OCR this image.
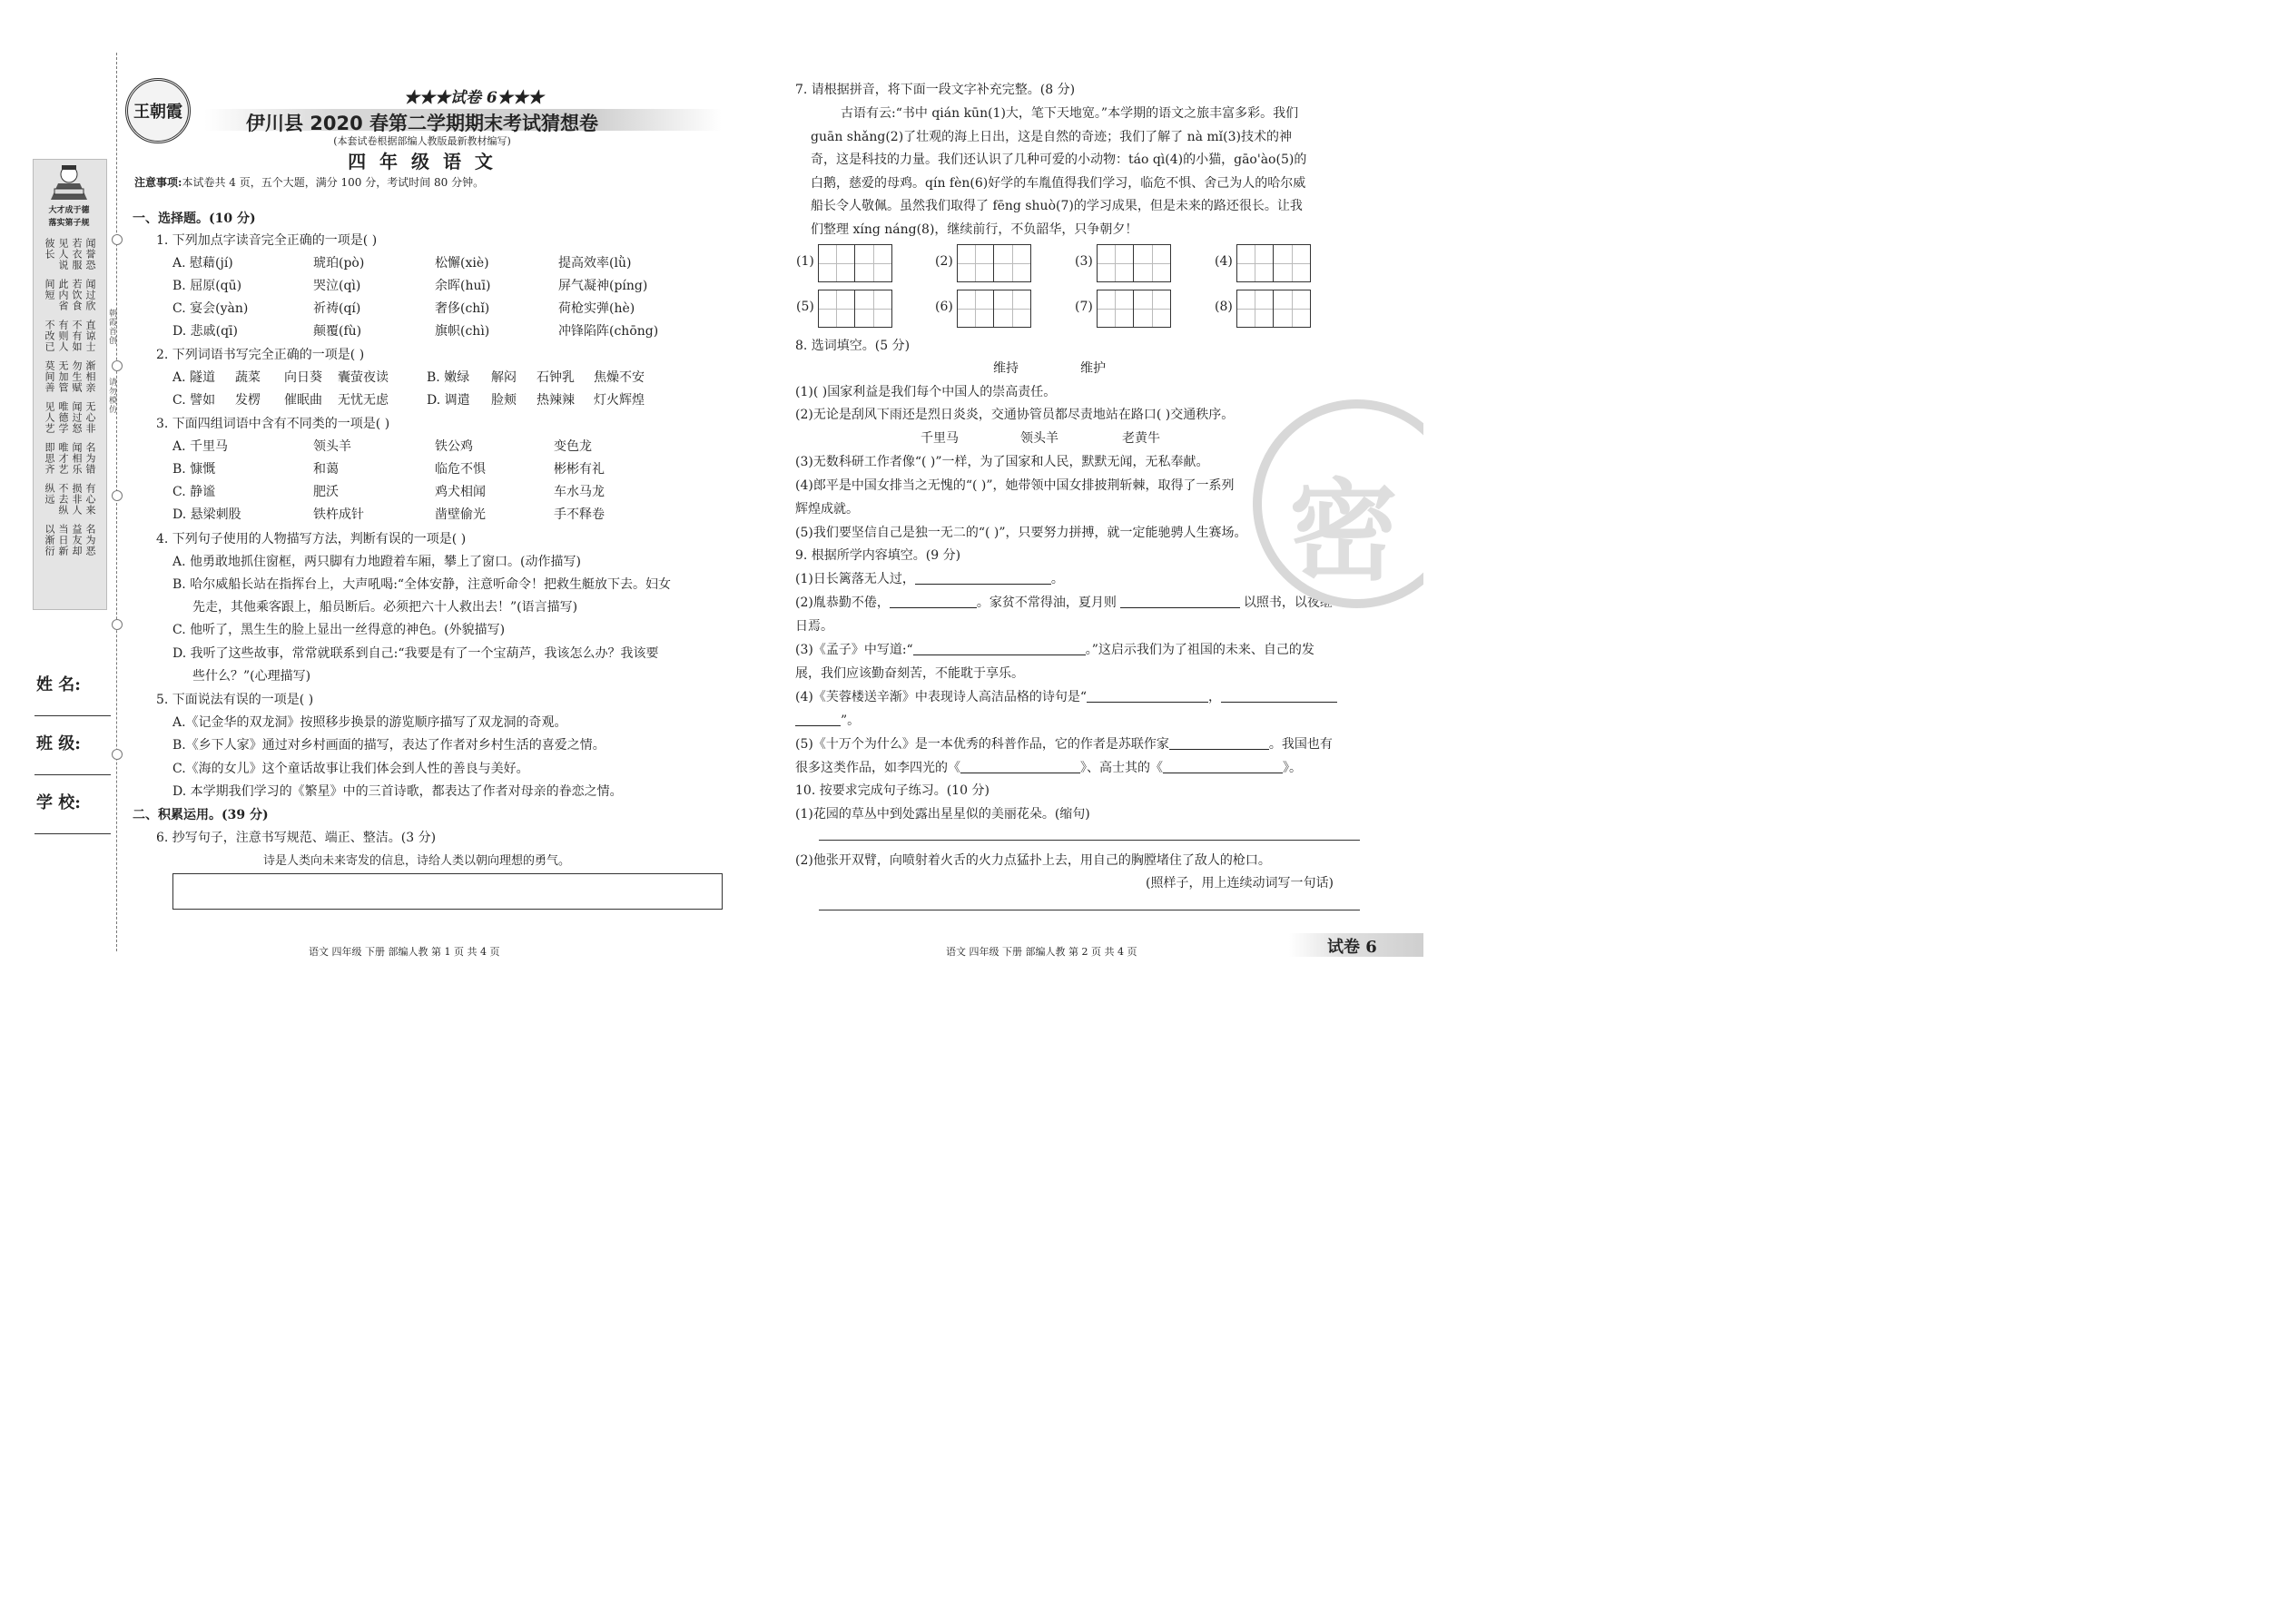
大才成于德
落实第子规
闻誉恐
若衣服
见人说
彼长
闻过欣
若饮食
此内省
间短
直谅士
不有如
有则人
不改已
渐相亲
勿生赋
无加管
莫间善
无心非
闻过怒
唯德学
见人艺
名为错
闻相乐
唯才艺
即思齐
有心来
损非人
不去纵
纵远
名为恶
益友却
当日新
以渐衍
朝霞首创
请勿模仿
姓 名:
班 级:
学 校:
王朝霞
★★★试卷 6★★★
伊川县 2020 春第二学期期末考试猜想卷
(本套试卷根据部编人教版最新教材编写)
四 年 级 语 文
注意事项:本试卷共 4 页，五个大题，满分 100 分，考试时间 80 分钟。
一、选择题。(10 分)
1. 下列加点字读音完全正确的一项是( )
A. 慰藉(jí)	琥珀(pò)	松懈(xiè)	提高效率(lǜ)
B. 屈原(qū)	哭泣(qì)	余晖(huī)	屏气凝神(píng)
C. 宴会(yàn)	祈祷(qí)	奢侈(chǐ)	荷枪实弹(hè)
D. 悲戚(qī)	颠覆(fù)	旗帜(chì)	冲锋陷阵(chōng)
2. 下列词语书写完全正确的一项是( )
A. 隧道 蔬菜 向日葵 囊萤夜读	B. 嫩绿 解闷 石钟乳 焦燥不安
C. 譬如 发楞 催眠曲 无忧无虑	D. 调遣 脸颊 热辣辣 灯火辉煌
3. 下面四组词语中含有不同类的一项是( )
A. 千里马	领头羊	铁公鸡	变色龙
B. 慷慨	和蔼	临危不惧	彬彬有礼
C. 静谧	肥沃	鸡犬相闻	车水马龙
D. 悬梁刺股	铁杵成针	凿壁偷光	手不释卷
4. 下列句子使用的人物描写方法，判断有误的一项是( )
A. 他勇敢地抓住窗框，两只脚有力地蹬着车厢，攀上了窗口。(动作描写)
B. 哈尔威船长站在指挥台上，大声吼喝:“全体安静，注意听命令！把救生艇放下去。妇女
先走，其他乘客跟上，船员断后。必须把六十人救出去！”(语言描写)
C. 他听了，黑生生的脸上显出一丝得意的神色。(外貌描写)
D. 我听了这些故事，常常就联系到自己:“我要是有了一个宝葫芦，我该怎么办？我该要
些什么？”(心理描写)
5. 下面说法有误的一项是( )
A.《记金华的双龙洞》按照移步换景的游览顺序描写了双龙洞的奇观。
B.《乡下人家》通过对乡村画面的描写，表达了作者对乡村生活的喜爱之情。
C.《海的女儿》这个童话故事让我们体会到人性的善良与美好。
D. 本学期我们学习的《繁星》中的三首诗歌，都表达了作者对母亲的眷恋之情。
二、积累运用。(39 分)
6. 抄写句子，注意书写规范、端正、整洁。(3 分)
诗是人类向未来寄发的信息，诗给人类以朝向理想的勇气。
7. 请根据拼音，将下面一段文字补充完整。(8 分)
古语有云:“书中 qián kūn(1)大，笔下天地宽。”本学期的语文之旅丰富多彩。我们
guān shǎng(2)了壮观的海上日出，这是自然的奇迹；我们了解了 nà mǐ(3)技术的神
奇，这是科技的力量。我们还认识了几种可爱的小动物：táo qì(4)的小猫，gāo'ào(5)的
白鹅，慈爱的母鸡。qín fèn(6)好学的车胤值得我们学习，临危不惧、舍己为人的哈尔威
船长令人敬佩。虽然我们取得了 fēng shuò(7)的学习成果，但是未来的路还很长。让我
们整理 xíng náng(8)，继续前行，不负韶华，只争朝夕！
(1)	(2)	(3)	(4)
(5)	(6)	(7)	(8)
8. 选词填空。(5 分)
维持	维护
(1)( )国家利益是我们每个中国人的崇高责任。
(2)无论是刮风下雨还是烈日炎炎，交通协管员都尽责地站在路口( )交通秩序。
千里马	领头羊	老黄牛
(3)无数科研工作者像“( )”一样，为了国家和人民，默默无闻，无私奉献。
(4)郎平是中国女排当之无愧的“( )”，她带领中国女排披荆斩棘，取得了一系列
辉煌成就。
(5)我们要坚信自己是独一无二的“( )”，只要努力拼搏，就一定能驰骋人生赛场。
9. 根据所学内容填空。(9 分)
(1)日长篱落无人过，	。
(2)胤恭勤不倦，	。家贫不常得油，夏月则	以照书，以夜继
日焉。
(3)《孟子》中写道:“	。”这启示我们为了祖国的未来、自己的发
展，我们应该勤奋刻苦，不能耽于享乐。
(4)《芙蓉楼送辛渐》中表现诗人高洁品格的诗句是“	，
”。
(5)《十万个为什么》是一本优秀的科普作品，它的作者是苏联作家	。我国也有
很多这类作品，如李四光的《	》、高士其的《	》。
10. 按要求完成句子练习。(10 分)
(1)花园的草丛中到处露出星星似的美丽花朵。(缩句)
(2)他张开双臂，向喷射着火舌的火力点猛扑上去，用自己的胸膛堵住了敌人的枪口。
(照样子，用上连续动词写一句话)
密
语文 四年级 下册 部编人教 第 1 页 共 4 页	语文 四年级 下册 部编人教 第 2 页 共 4 页	试卷 6
